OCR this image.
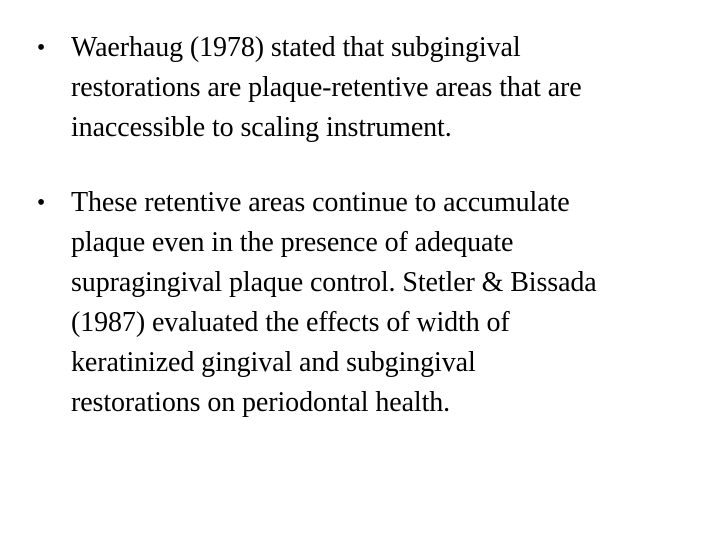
• Waerhaug (1978) stated that subgingival
restorations are plaque-retentive areas that are
inaccessible to scaling instrument.
• These retentive areas continue to accumulate
plaque even in the presence of adequate
supragingival plaque control. Stetler & Bissada
(1987) evaluated the effects of width of
keratinized gingival and subgingival
restorations on periodontal health.
